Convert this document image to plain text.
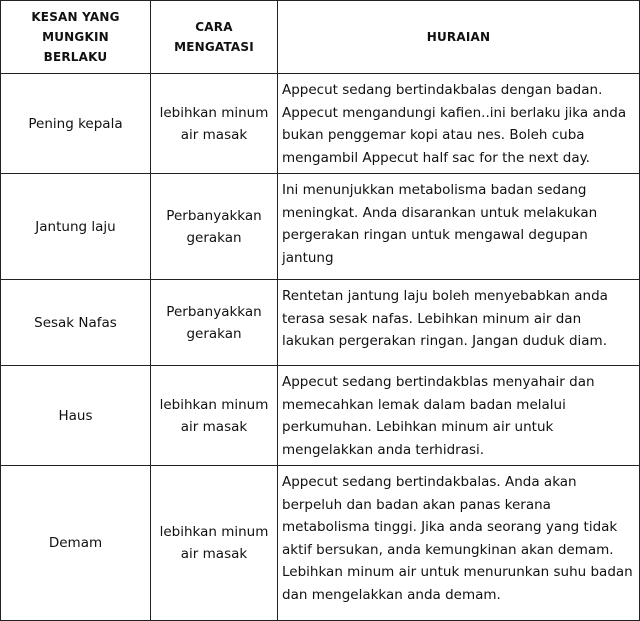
KESAN YANG MUNGKIN BERLAKU	CARA MENGATASI	HURAIAN
Pening kepala	lebihkan minum air masak	Appecut sedang bertindakbalas dengan badan. Appecut mengandungi kafien..ini berlaku jika anda bukan penggemar kopi atau nes. Boleh cuba mengambil Appecut half sac for the next day.
Jantung laju	Perbanyakkan gerakan	Ini menunjukkan metabolisma badan sedang meningkat. Anda disarankan untuk melakukan pergerakan ringan untuk mengawal degupan jantung
Sesak Nafas	Perbanyakkan gerakan	Rentetan jantung laju boleh menyebabkan anda terasa sesak nafas. Lebihkan minum air dan lakukan pergerakan ringan. Jangan duduk diam.
Haus	lebihkan minum air masak	Appecut sedang bertindakblas menyahair dan memecahkan lemak dalam badan melalui perkumuhan. Lebihkan minum air untuk mengelakkan anda terhidrasi.
Demam	lebihkan minum air masak	Appecut sedang bertindakbalas. Anda akan berpeluh dan badan akan panas kerana metabolisma tinggi. Jika anda seorang yang tidak aktif bersukan, anda kemungkinan akan demam. Lebihkan minum air untuk menurunkan suhu badan dan mengelakkan anda demam.
